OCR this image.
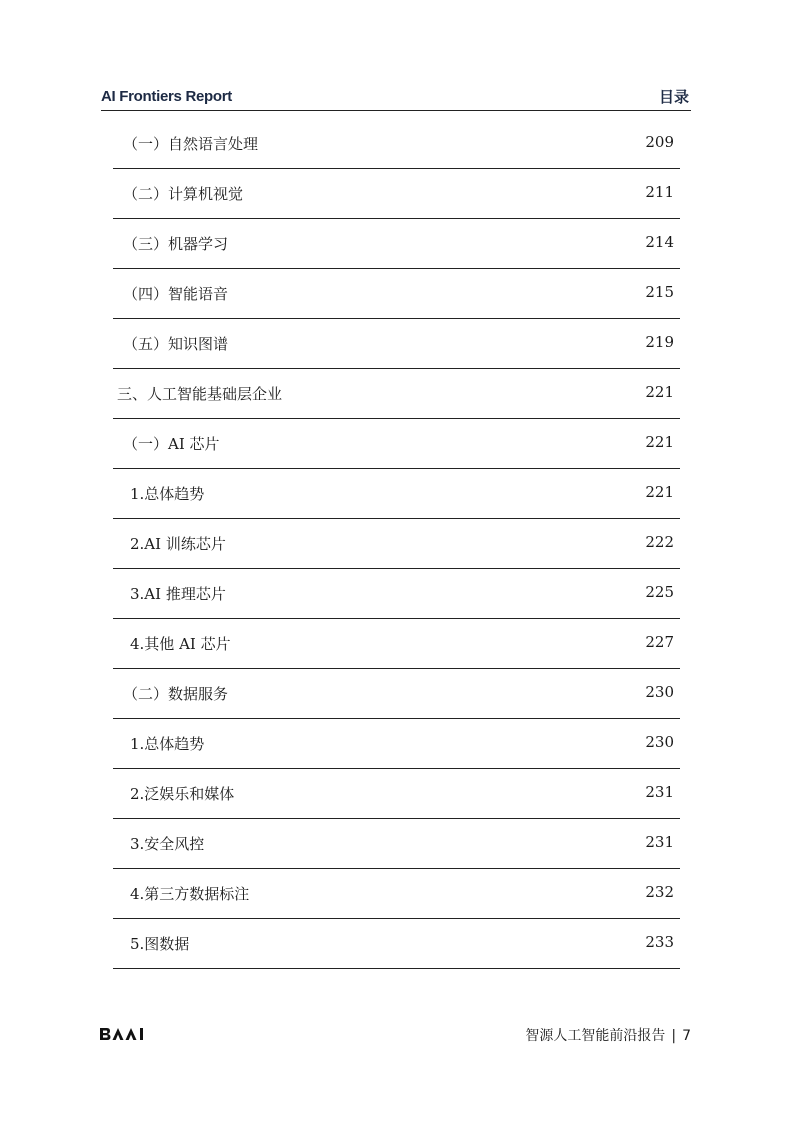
AI Frontiers Report	目录
（一）自然语言处理	209
（二）计算机视觉	211
（三）机器学习	214
（四）智能语音	215
（五）知识图谱	219
三、人工智能基础层企业	221
（一）AI 芯片	221
1.总体趋势	221
2.AI 训练芯片	222
3.AI 推理芯片	225
4.其他 AI 芯片	227
（二）数据服务	230
1.总体趋势	230
2.泛娱乐和媒体	231
3.安全风控	231
4.第三方数据标注	232
5.图数据	233
智源人工智能前沿报告 | 7
